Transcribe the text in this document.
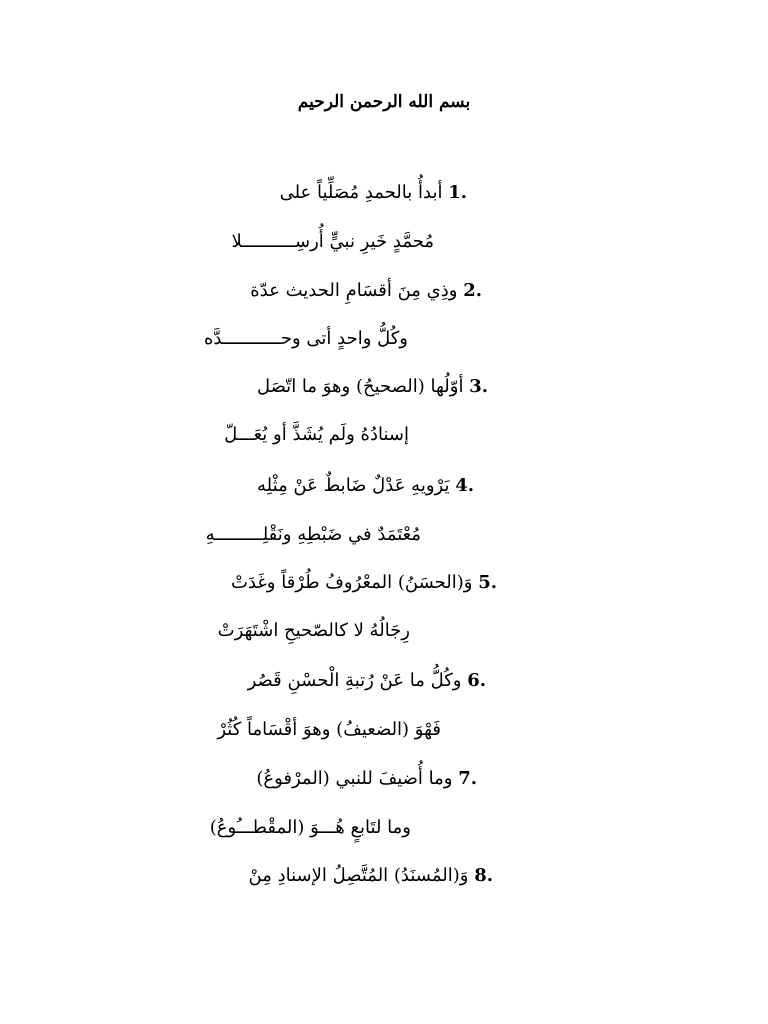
بسم الله الرحمن الرحيم
1. أبدأُ بالحمدِ مُصَلِّياً على
مُحمَّدٍ خَيرِ نبيٍّ أُرسِــــــــــلا
2. وذِي مِنَ أقسَامِ الحديث عدّة
وكُلُّ واحدٍ أتى وحـــــــــــدَّه
3. أوّلُها (الصحيحُ) وهوَ ما اتّصَل
إسنادُهُ ولَم يُشَذَّ أو يُعَـــلّ
4. يَرْويهِ عَدْلٌ ضَابطٌ عَنْ مِثْلِه
مُعْتَمَدٌ في ضَبْطِهِ ونَقْلِـــــــــهِ
5. وَ(الحسَنُ) المعْرُوفُ طُرْقاً وغَدَتْ
رِجَالُهُ لا كالصّحيحِ اشْتَهَرَتْ
6. وكُلُّ ما عَنْ رُتبةِ الْحسْنِ قَصُر
فَهْوَ (الضعيفُ) وهوَ أقْسَاماً كُثُرْ
7. وما أُضيفَ للنبي (المرْفوعُ)
وما لتَابعٍ هُـــوَ (المقْطـــُوعُ)
8. وَ(المُسنَدُ) المُتَّصِلُ الإسنادِ مِنْ
